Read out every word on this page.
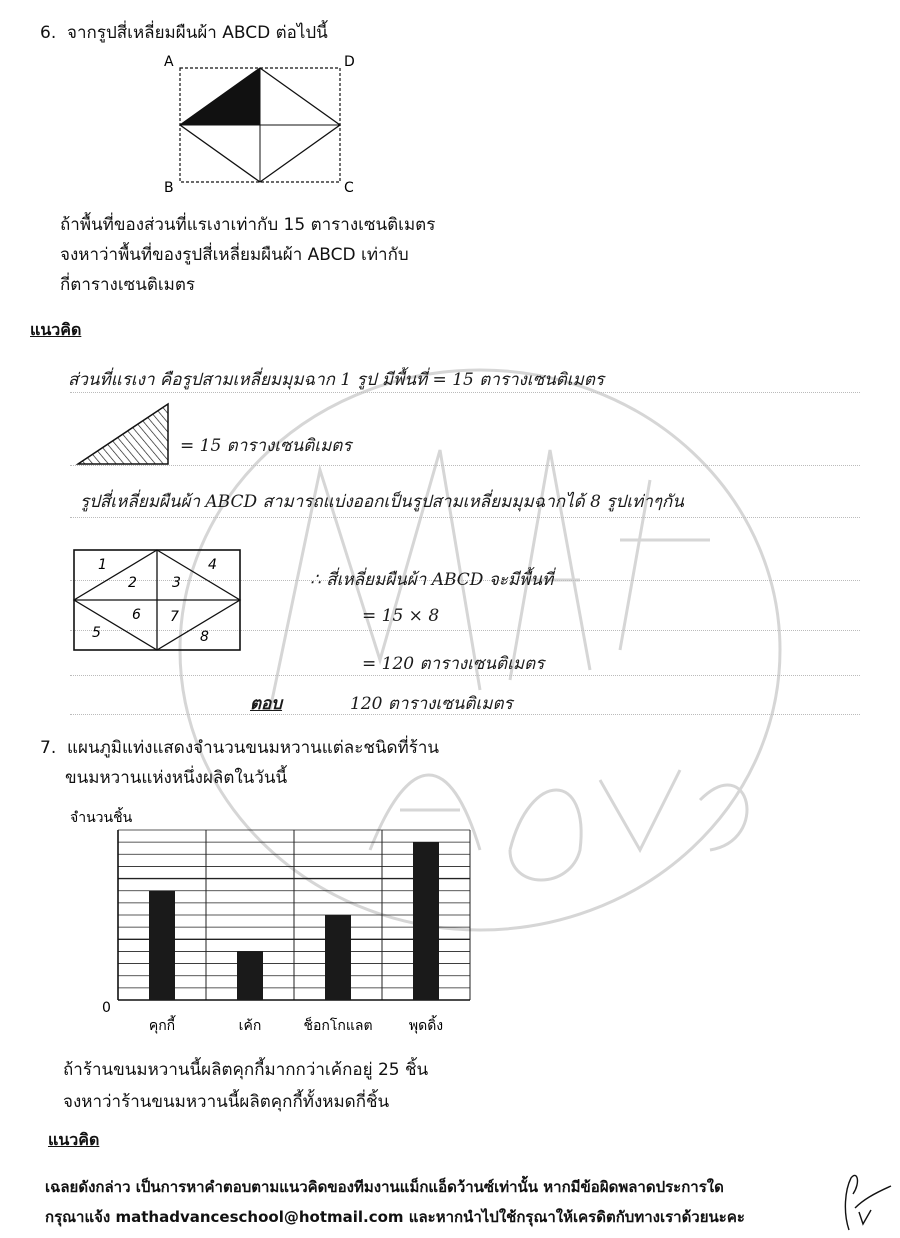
6. จากรูปสี่เหลี่ยมผืนผ้า ABCD ต่อไปนี้
A	D
B	C
ถ้าพื้นที่ของส่วนที่แรเงาเท่ากับ 15 ตารางเซนติเมตร
จงหาว่าพื้นที่ของรูปสี่เหลี่ยมผืนผ้า ABCD เท่ากับ
กี่ตารางเซนติเมตร
แนวคิด
ส่วนที่แรเงา คือรูปสามเหลี่ยมมุมฉาก 1 รูป มีพื้นที่ = 15 ตารางเซนติเมตร
= 15 ตารางเซนติเมตร
รูปสี่เหลี่ยมผืนผ้า ABCD สามารถแบ่งออกเป็นรูปสามเหลี่ยมมุมฉากได้ 8 รูปเท่าๆกัน
1
2	3
4
5
6 7
8
∴ สี่เหลี่ยมผืนผ้า ABCD จะมีพื้นที่
= 15 × 8
= 120 ตารางเซนติเมตร
ตอบ	120 ตารางเซนติเมตร
7. แผนภูมิแท่งแสดงจำนวนขนมหวานแต่ละชนิดที่ร้าน
ขนมหวานแห่งหนึ่งผลิตในวันนี้
จำนวนชิ้น
0
คุกกี้	เค้ก	ช็อกโกแลต	พุดดิ้ง
ถ้าร้านขนมหวานนี้ผลิตคุกกี้มากกว่าเค้กอยู่ 25 ชิ้น
จงหาว่าร้านขนมหวานนี้ผลิตคุกกี้ทั้งหมดกี่ชิ้น
แนวคิด
เฉลยดังกล่าว เป็นการหาคำตอบตามแนวคิดของทีมงานแม็กแอ็ดว้านซ์เท่านั้น หากมีข้อผิดพลาดประการใด
กรุณาแจ้ง mathadvanceschool@hotmail.com และหากนำไปใช้กรุณาให้เครดิตกับทางเราด้วยนะคะ
